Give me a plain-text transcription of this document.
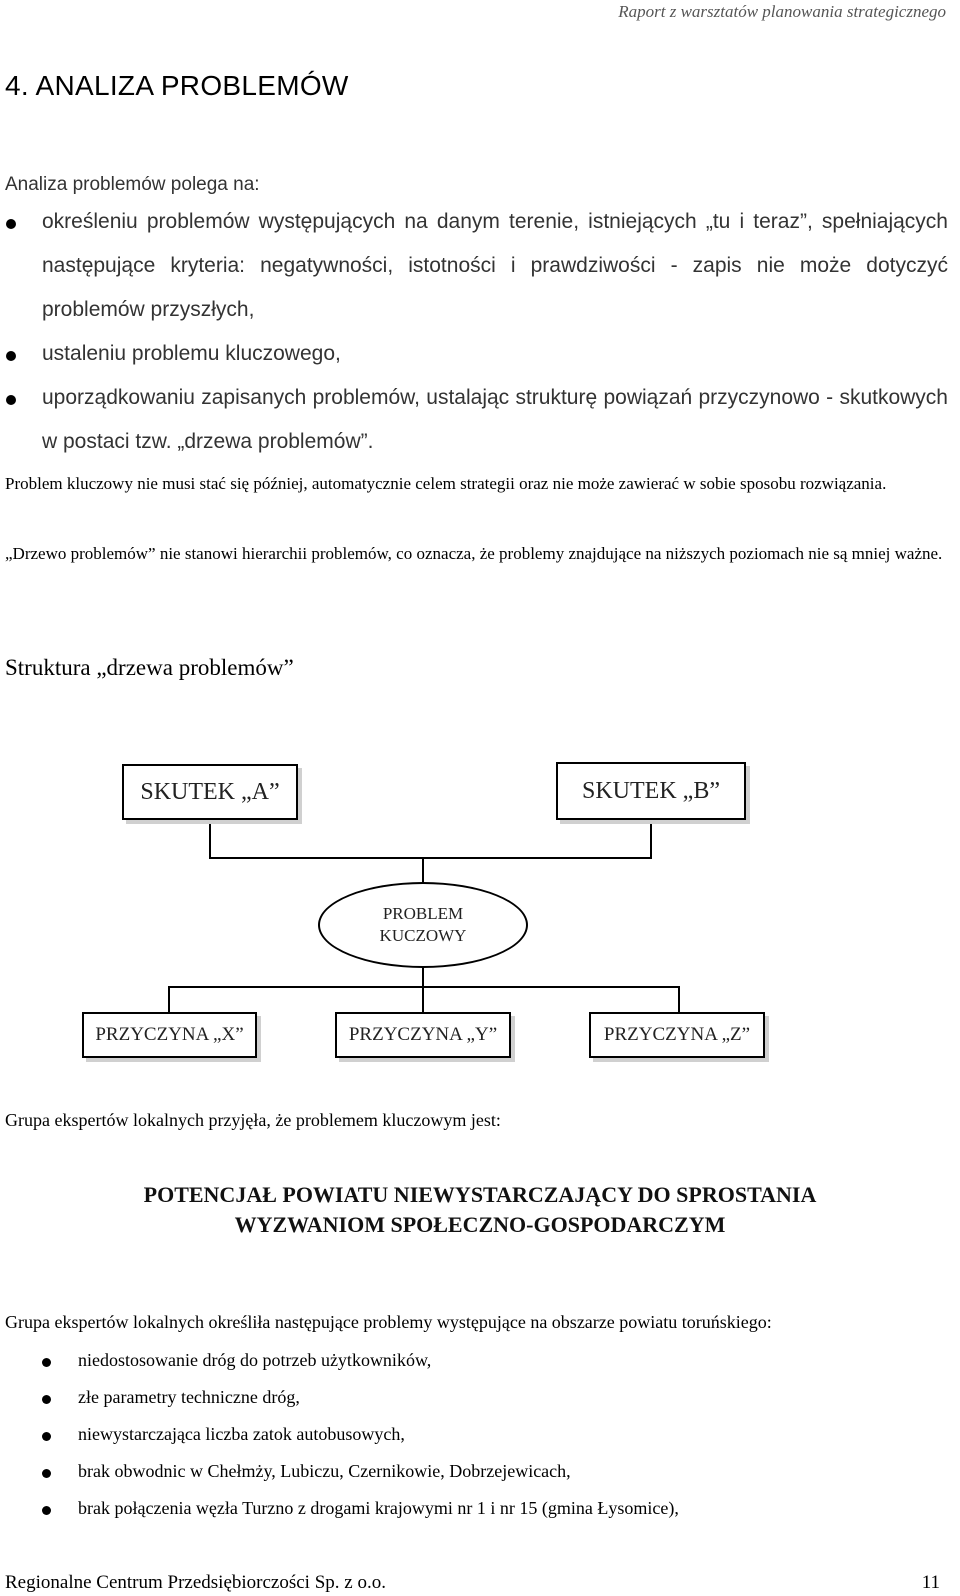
Raport z warsztatów planowania strategicznego
4. ANALIZA PROBLEMÓW
Analiza problemów polega na:
określeniu problemów występujących na danym terenie, istniejących „tu i teraz”, spełniających następujące kryteria: negatywności, istotności i prawdziwości - zapis nie może dotyczyć problemów przyszłych,
ustaleniu problemu kluczowego,
uporządkowaniu zapisanych problemów, ustalając strukturę powiązań przyczynowo - skutkowych w postaci tzw. „drzewa problemów”.
Problem kluczowy nie musi stać się później, automatycznie celem strategii oraz nie może zawierać w sobie sposobu rozwiązania.
„Drzewo problemów” nie stanowi hierarchii problemów, co oznacza, że problemy znajdujące na niższych poziomach nie są mniej ważne.
Struktura „drzewa problemów”
SKUTEK „A”	SKUTEK „B”
PROBLEM
KUCZOWY
PRZYCZYNA „X”	PRZYCZYNA „Y”	PRZYCZYNA „Z”
Grupa ekspertów lokalnych przyjęła, że problemem kluczowym jest:
POTENCJAŁ POWIATU NIEWYSTARCZAJĄCY DO SPROSTANIA
WYZWANIOM SPOŁECZNO-GOSPODARCZYM
Grupa ekspertów lokalnych określiła następujące problemy występujące na obszarze powiatu toruńskiego:
niedostosowanie dróg do potrzeb użytkowników,
złe parametry techniczne dróg,
niewystarczająca liczba zatok autobusowych,
brak obwodnic w Chełmży, Lubiczu, Czernikowie, Dobrzejewicach,
brak połączenia węzła Turzno z drogami krajowymi nr 1 i nr 15 (gmina Łysomice),
Regionalne Centrum Przedsiębiorczości Sp. z o.o.	11
